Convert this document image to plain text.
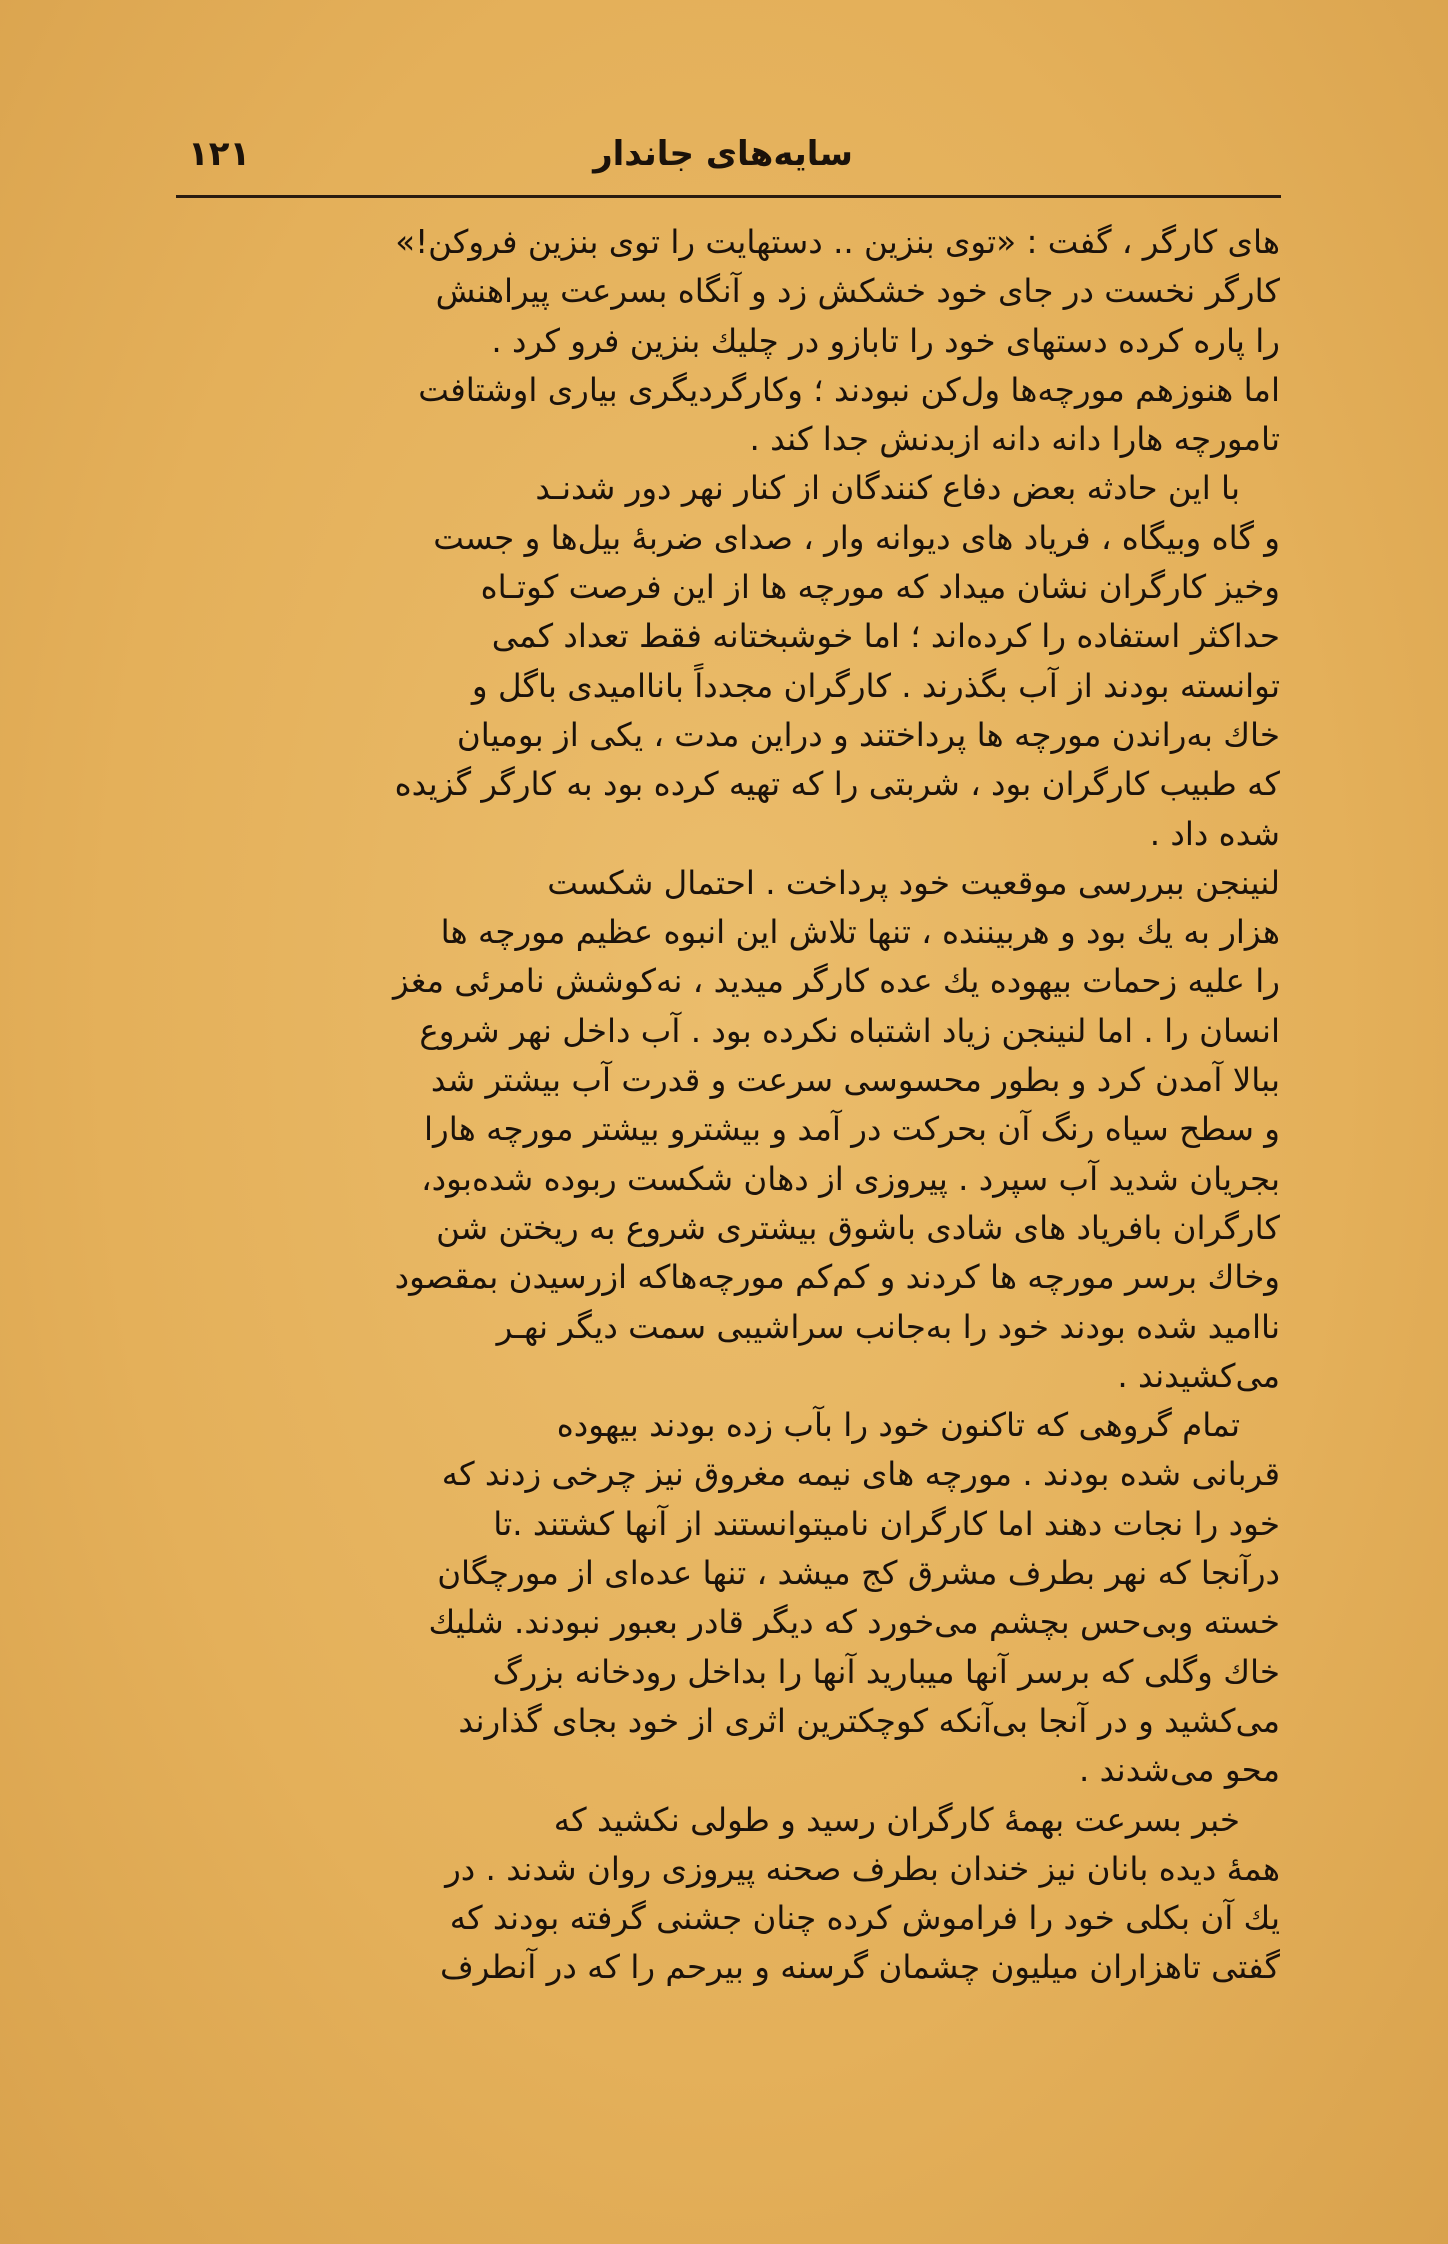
سایه‌های جاندار
۱۲۱

های کارگر ، گفت : «توی بنزین .. دستهایت را توی بنزین فروکن!»
کارگر نخست در جای خود خشکش زد و آنگاه بسرعت پیراهنش
را پاره کرده دستهای خود را تابازو در چلیك بنزین فرو کرد .
اما هنوزهم مورچه‌ها ول‌کن نبودند ؛ وکارگردیگری بیاری اوشتافت
تامورچه هارا دانه دانه ازبدنش جدا کند .

با این حادثه بعض دفاع کنندگان از کنار نهر دور شدنـد
و گاه وبیگاه ، فریاد های دیوانه وار ، صدای ضربهٔ بیل‌ها و جست
وخیز کارگران نشان میداد که مورچه ها از این فرصت کوتـاه
حداکثر استفاده را کرده‌اند ؛ اما خوشبختانه فقط تعداد کمی
توانسته بودند از آب بگذرند . کارگران مجدداً باناامیدی باگل و
خاك به‌راندن مورچه ها پرداختند و دراین مدت ، یکی از بومیان
که طبیب کارگران بود ، شربتی را که تهیه کرده بود به کارگر گزیده
شده داد .

لنینجن ببررسی موقعیت خود پرداخت . احتمال شکست
هزار به یك بود و هربیننده ، تنها تلاش این انبوه عظیم مورچه ها
را علیه زحمات بیهوده یك عده کارگر میدید ، نه‌کوشش نامرئی مغز
انسان را . اما لنینجن زیاد اشتباه نکرده بود . آب داخل نهر شروع
ببالا آمدن کرد و بطور محسوسی سرعت و قدرت آب بیشتر شد
و سطح سیاه رنگ آن بحرکت در آمد و بیشترو بیشتر مورچه هارا
بجریان شدید آب سپرد . پیروزی از دهان شکست ربوده شده‌بود،
کارگران بافریاد های شادی باشوق بیشتری شروع به ریختن شن
وخاك برسر مورچه ها کردند و کم‌کم مورچه‌هاکه ازرسیدن بمقصود
ناامید شده بودند خود را به‌جانب سراشیبی سمت دیگر نهـر
می‌کشیدند .

تمام گروهی که تاکنون خود را بآب زده بودند بیهوده
قربانی شده بودند . مورچه های نیمه مغروق نیز چرخی زدند که
خود را نجات دهند اما کارگران نامیتوانستند از آنها کشتند .تا
درآنجا که نهر بطرف مشرق کج میشد ، تنها عده‌ای از مورچگان
خسته وبی‌حس بچشم می‌خورد که دیگر قادر بعبور نبودند. شلیك
خاك وگلی که برسر آنها میبارید آنها را بداخل رودخانه بزرگ
می‌کشید و در آنجا بی‌آنکه کوچکترین اثری از خود بجای گذارند
محو می‌شدند .

خبر بسرعت بهمهٔ کارگران رسید و طولی نکشید که
همهٔ دیده بانان نیز خندان بطرف صحنه پیروزی روان شدند . در
یك آن بکلی خود را فراموش کرده چنان جشنی گرفته بودند که
گفتی تاهزاران میلیون چشمان گرسنه و بیرحم را که در آنطرف
